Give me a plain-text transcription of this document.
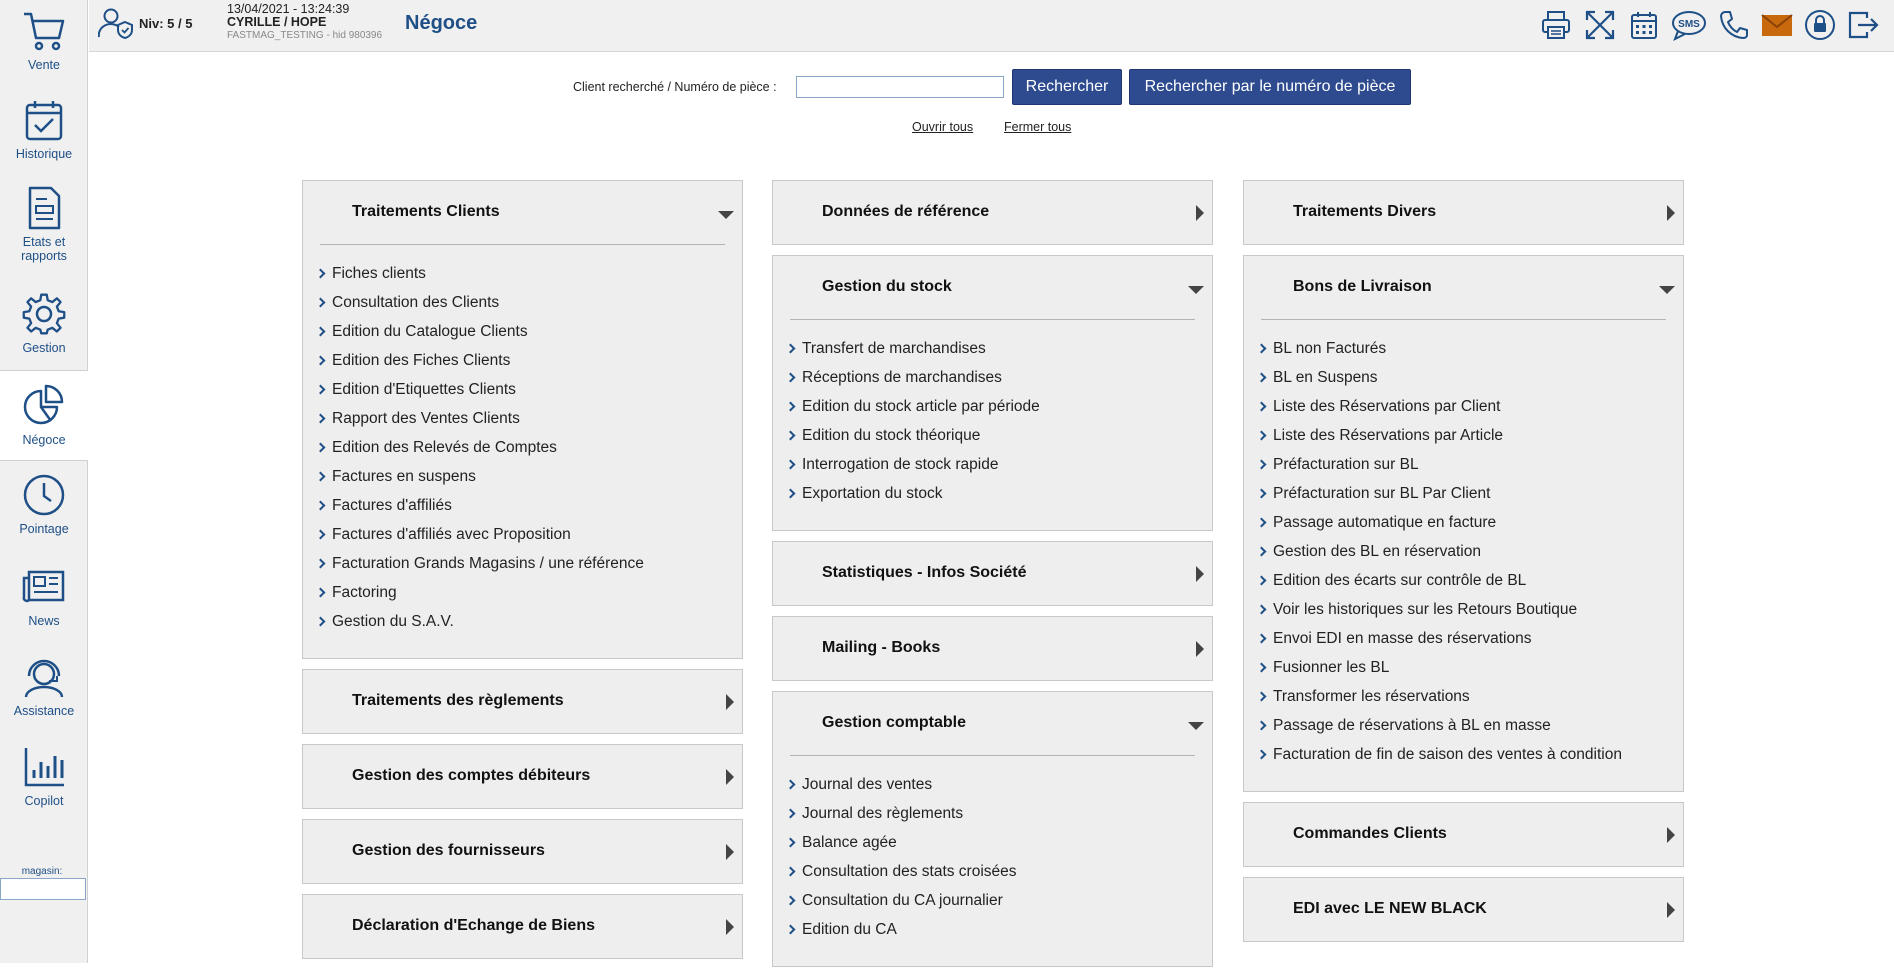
Vente
Historique
Etats et rapports
Gestion
Négoce
Pointage
News
Assistance
Copilot
magasin:
Niv: 5 / 5
13/04/2021 - 13:24:39
CYRILLE / HOPE
FASTMAG_TESTING - hid 980396
Négoce	SMS
Client recherché / Numéro de pièce :	Rechercher	Rechercher par le numéro de pièce
Ouvrir tous Fermer tous
Traitements Clients
Fiches clients
Consultation des Clients
Edition du Catalogue Clients
Edition des Fiches Clients
Edition d'Etiquettes Clients
Rapport des Ventes Clients
Edition des Relevés de Comptes
Factures en suspens
Factures d'affiliés
Factures d'affiliés avec Proposition
Facturation Grands Magasins / une référence
Factoring
Gestion du S.A.V.
Traitements des règlements
Gestion des comptes débiteurs
Gestion des fournisseurs
Déclaration d'Echange de Biens
Données de référence
Gestion du stock
Transfert de marchandises
Réceptions de marchandises
Edition du stock article par période
Edition du stock théorique
Interrogation de stock rapide
Exportation du stock
Statistiques - Infos Société
Mailing - Books
Gestion comptable
Journal des ventes
Journal des règlements
Balance agée
Consultation des stats croisées
Consultation du CA journalier
Edition du CA
Traitements Divers
Bons de Livraison
BL non Facturés
BL en Suspens
Liste des Réservations par Client
Liste des Réservations par Article
Préfacturation sur BL
Préfacturation sur BL Par Client
Passage automatique en facture
Gestion des BL en réservation
Edition des écarts sur contrôle de BL
Voir les historiques sur les Retours Boutique
Envoi EDI en masse des réservations
Fusionner les BL
Transformer les réservations
Passage de réservations à BL en masse
Facturation de fin de saison des ventes à condition
Commandes Clients
EDI avec LE NEW BLACK
